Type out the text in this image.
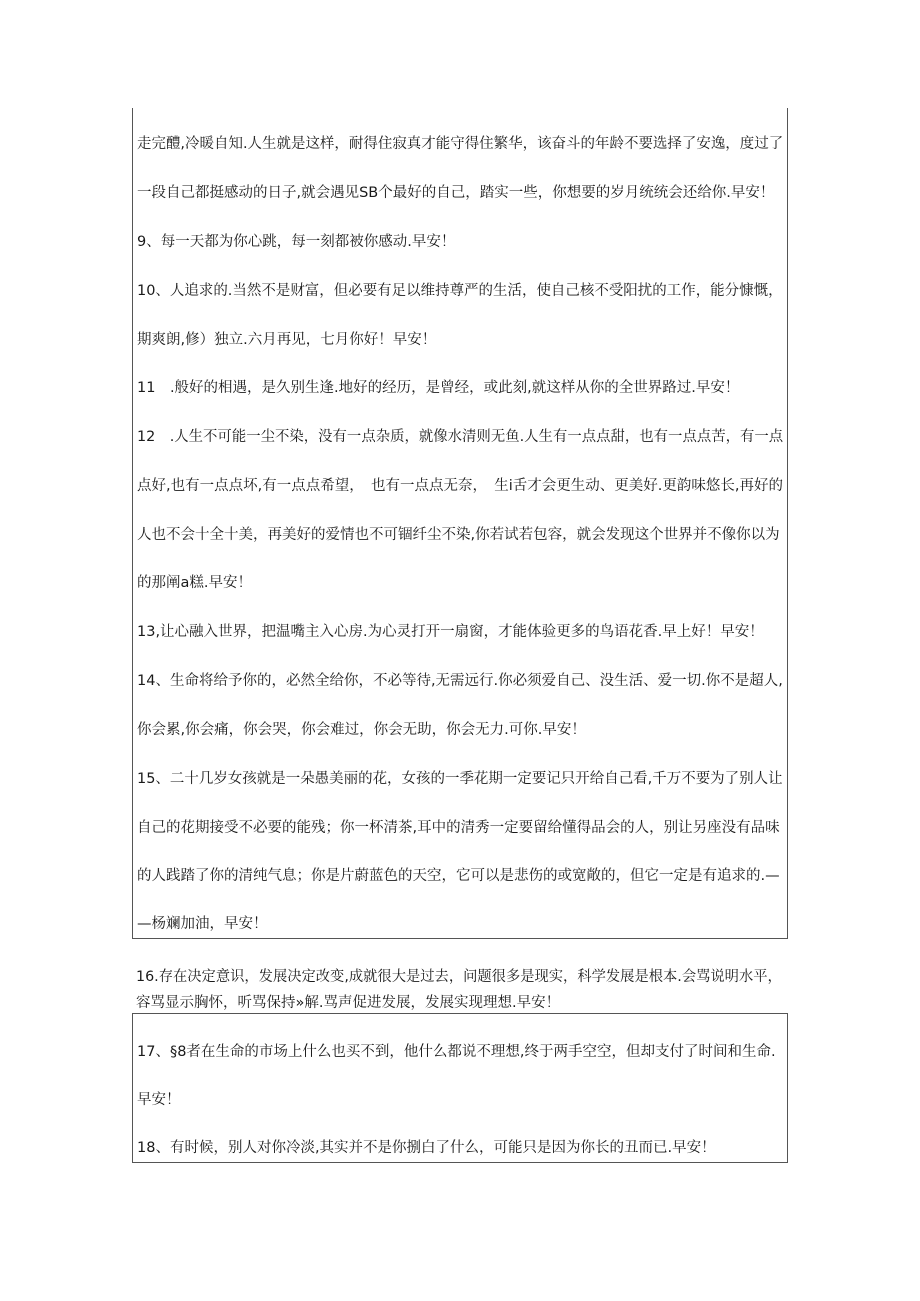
走完醴,冷暖自知.人生就是这样，耐得住寂真才能守得住繁华，该奋斗的年龄不要选择了安逸，度过了

一段自己都挺感动的日子,就会遇见SB个最好的自己，踏实一些，你想要的岁月统统会还给你.早安！

9、每一天都为你心跳，每一刻都被你感动.早安！

10、人追求的.当然不是财富，但必要有足以维持尊严的生活，使自己核不受阳扰的工作，能分慷慨，

期爽朗,修）独立.六月再见，七月你好！早安！

11　.般好的相遇，是久别生逢.地好的经历，是曾经，或此刻,就这样从你的全世界路过.早安！

12　.人生不可能一尘不染，没有一点杂质，就像水清则无鱼.人生有一点点甜，也有一点点苦，有一点

点好,也有一点点坏,有一点点希望，　也有一点点无奈，　生i舌才会更生动、更美好.更韵味悠长,再好的

人也不会十全十美，再美好的爱情也不可锢纤尘不染,你若试若包容，就会发现这个世界并不像你以为

的那阐a糕.早安！

13,让心融入世界，把温嘴主入心房.为心灵打开一扇窗，才能体验更多的鸟语花香.早上好！早安！

14、生命将给予你的，必然全给你，不必等待,无需远行.你必须爱自己、没生活、爱一切.你不是超人,

你会累,你会痛，你会哭，你会难过，你会无助，你会无力.可你.早安！

15、二十几岁女孩就是一朵愚美丽的花，女孩的一季花期一定要记只开给自己看,千万不要为了别人让

自己的花期接受不必要的能残；你一杯清茶,耳中的清秀一定要留给懂得品会的人，别让另座没有品味

的人践踏了你的清纯气息；你是片蔚蓝色的天空，它可以是悲伤的或宽敞的，但它一定是有追求的.—

—杨斓加油，早安！

16.存在决定意识，发展决定改变,成就很大是过去，问题很多是现实，科学发展是根本.会骂说明水平，

容骂显示胸怀，听骂保持»解.骂声促进发展，发展实现理想.早安！

17、§8者在生命的市场上什么也买不到，他什么都说不理想,终于两手空空，但却支付了时间和生命.

早安！

18、有时候，别人对你冷淡,其实并不是你捌白了什么，可能只是因为你长的丑而已.早安！
